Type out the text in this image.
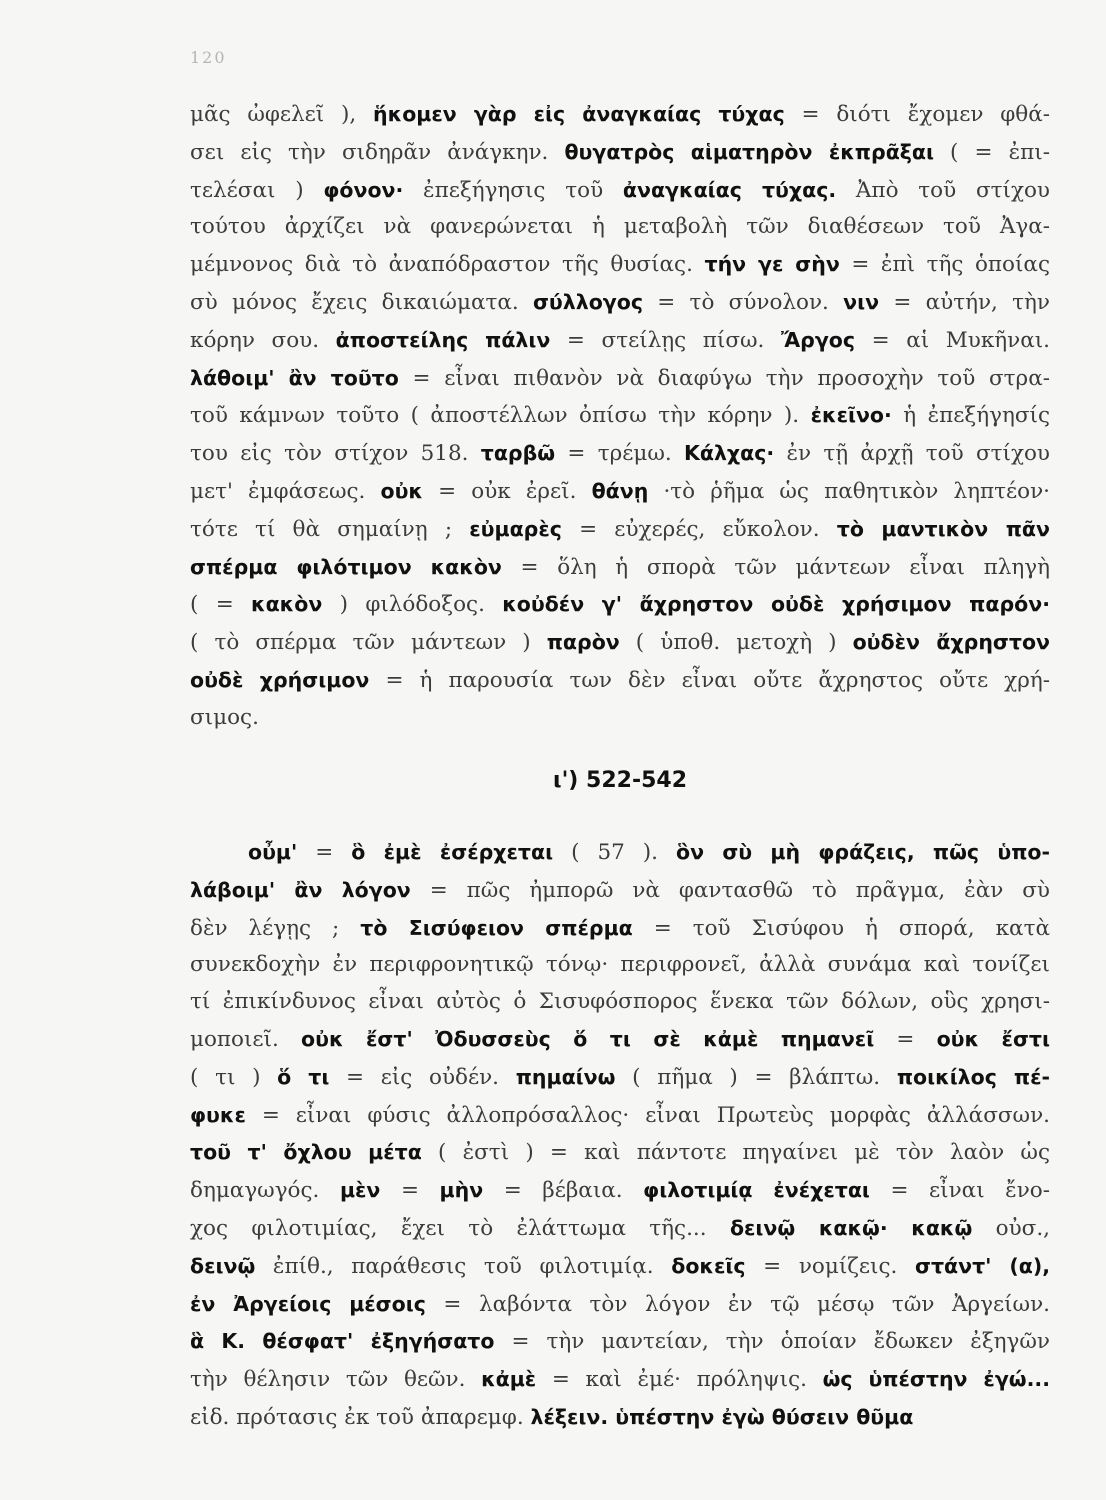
120
μᾶς ὠφελεῖ ), ἥκομεν γὰρ εἰς ἀναγκαίας τύχας = διότι ἔχομεν φθά-
σει εἰς τὴν σιδηρᾶν ἀνάγκην. θυγατρὸς αἱματηρὸν ἐκπρᾶξαι ( = ἐπι-
τελέσαι ) φόνον· ἐπεξήγησις τοῦ ἀναγκαίας τύχας. Ἀπὸ τοῦ στίχου
τούτου ἀρχίζει νὰ φανερώνεται ἡ μεταβολὴ τῶν διαθέσεων τοῦ Ἀγα-
μέμνονος διὰ τὸ ἀναπόδραστον τῆς θυσίας. τήν γε σὴν = ἐπὶ τῆς ὁποίας
σὺ μόνος ἔχεις δικαιώματα. σύλλογος = τὸ σύνολον. νιν = αὐτήν, τὴν
κόρην σου. ἀποστείλης πάλιν = στείλῃς πίσω. Ἄργος = αἱ Μυκῆναι.
λάθοιμ' ἂν τοῦτο = εἶναι πιθανὸν νὰ διαφύγω τὴν προσοχὴν τοῦ στρα-
τοῦ κάμνων τοῦτο ( ἀποστέλλων ὀπίσω τὴν κόρην ). ἐκεῖνο· ἡ ἐπεξήγησίς
του εἰς τὸν στίχον 518. ταρβῶ = τρέμω. Κάλχας· ἐν τῇ ἀρχῇ τοῦ στίχου
μετ' ἐμφάσεως. οὐκ = οὐκ ἐρεῖ. θάνῃ ·τὸ ῥῆμα ὡς παθητικὸν ληπτέον·
τότε τί θὰ σημαίνῃ ; εὐμαρὲς = εὐχερές, εὔκολον. τὸ μαντικὸν πᾶν
σπέρμα φιλότιμον κακὸν = ὅλη ἡ σπορὰ τῶν μάντεων εἶναι πληγὴ
( = κακὸν ) φιλόδοξος. κοὐδέν γ' ἄχρηστον οὐδὲ χρήσιμον παρόν·
( τὸ σπέρμα τῶν μάντεων ) παρὸν ( ὑποθ. μετοχὴ ) οὐδὲν ἄχρηστον
οὐδὲ χρήσιμον = ἡ παρουσία των δὲν εἶναι οὔτε ἄχρηστος οὔτε χρή-
σιμος.
ι') 522-542
οὖμ' = ὃ ἐμὲ ἐσέρχεται ( 57 ). ὃν σὺ μὴ φράζεις, πῶς ὑπο-
λάβοιμ' ἂν λόγον = πῶς ἠμπορῶ νὰ φαντασθῶ τὸ πρᾶγμα, ἐὰν σὺ
δὲν λέγῃς ; τὸ Σισύφειον σπέρμα = τοῦ Σισύφου ἡ σπορά, κατὰ
συνεκδοχὴν ἐν περιφρονητικῷ τόνῳ· περιφρονεῖ, ἀλλὰ συνάμα καὶ τονίζει
τί ἐπικίνδυνος εἶναι αὐτὸς ὁ Σισυφόσπορος ἕνεκα τῶν δόλων, οὓς χρησι-
μοποιεῖ. οὐκ ἔστ' Ὀδυσσεὺς ὅ τι σὲ κἀμὲ πημανεῖ = οὐκ ἔστι
( τι ) ὅ τι = εἰς οὐδέν. πημαίνω ( πῆμα ) = βλάπτω. ποικίλος πέ-
φυκε = εἶναι φύσις ἀλλοπρόσαλλος· εἶναι Πρωτεὺς μορφὰς ἀλλάσσων.
τοῦ τ' ὄχλου μέτα ( ἐστὶ ) = καὶ πάντοτε πηγαίνει μὲ τὸν λαὸν ὡς
δημαγωγός. μὲν = μὴν = βέβαια. φιλοτιμίᾳ ἐνέχεται = εἶναι ἔνο-
χος φιλοτιμίας, ἔχει τὸ ἐλάττωμα τῆς... δεινῷ κακῷ· κακῷ οὐσ.,
δεινῷ ἐπίθ., παράθεσις τοῦ φιλοτιμίᾳ. δοκεῖς = νομίζεις. στάντ' (α),
ἐν Ἀργείοις μέσοις = λαβόντα τὸν λόγον ἐν τῷ μέσῳ τῶν Ἀργείων.
ἃ Κ. θέσφατ' ἐξηγήσατο = τὴν μαντείαν, τὴν ὁποίαν ἔδωκεν ἐξηγῶν
τὴν θέλησιν τῶν θεῶν. κἀμὲ = καὶ ἐμέ· πρόληψις. ὡς ὑπέστην ἐγώ...
εἰδ. πρότασις ἐκ τοῦ ἀπαρεμφ. λέξειν. ὑπέστην ἐγὼ θύσειν θῦμα
